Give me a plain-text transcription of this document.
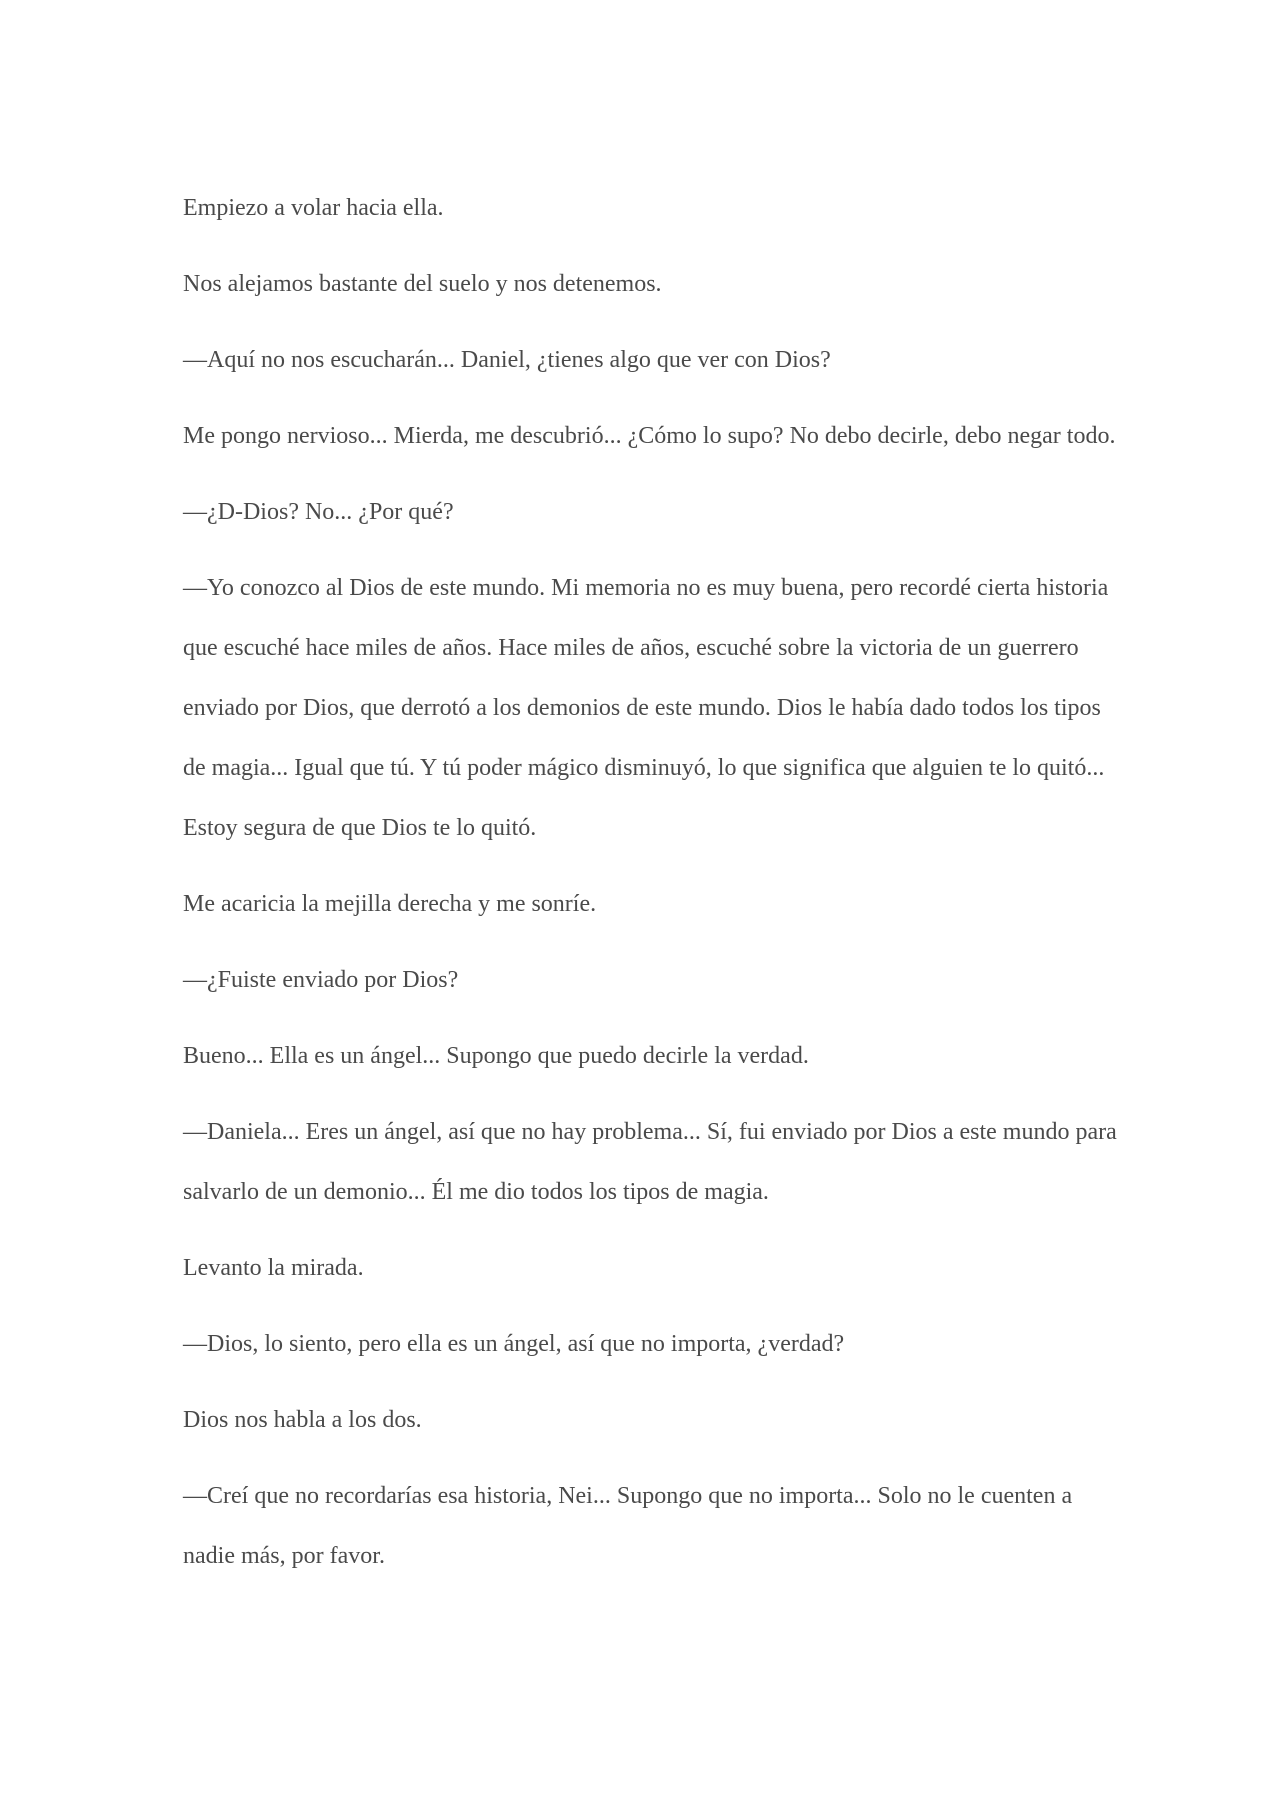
Empiezo a volar hacia ella.

Nos alejamos bastante del suelo y nos detenemos.

—Aquí no nos escucharán... Daniel, ¿tienes algo que ver con Dios?

Me pongo nervioso... Mierda, me descubrió... ¿Cómo lo supo? No debo decirle, debo negar todo.

—¿D-Dios? No... ¿Por qué?

—Yo conozco al Dios de este mundo. Mi memoria no es muy buena, pero recordé cierta historia que escuché hace miles de años. Hace miles de años, escuché sobre la victoria de un guerrero enviado por Dios, que derrotó a los demonios de este mundo. Dios le había dado todos los tipos de magia... Igual que tú. Y tú poder mágico disminuyó, lo que significa que alguien te lo quitó... Estoy segura de que Dios te lo quitó.

Me acaricia la mejilla derecha y me sonríe.

—¿Fuiste enviado por Dios?

Bueno... Ella es un ángel... Supongo que puedo decirle la verdad.

—Daniela... Eres un ángel, así que no hay problema... Sí, fui enviado por Dios a este mundo para salvarlo de un demonio... Él me dio todos los tipos de magia.

Levanto la mirada.

—Dios, lo siento, pero ella es un ángel, así que no importa, ¿verdad?

Dios nos habla a los dos.

—Creí que no recordarías esa historia, Nei... Supongo que no importa... Solo no le cuenten a nadie más, por favor.
